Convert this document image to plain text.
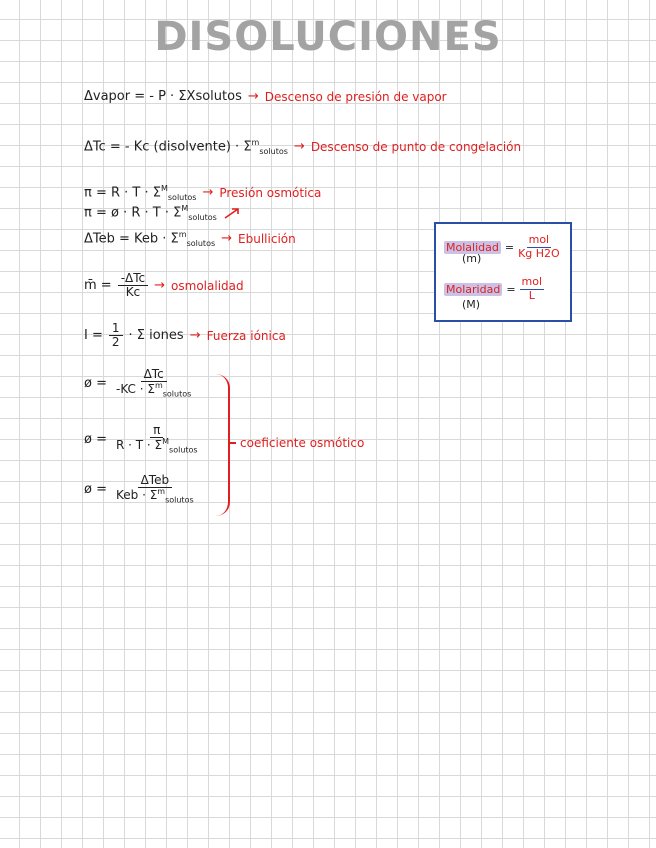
DISOLUCIONES
Δvapor = - P · ΣXsolutos → Descenso de presión de vapor
ΔTc = - Kc (disolvente) · $\Sigma^m_{solutos}$ → Descenso de punto de congelación
$\pi = R \cdot T \cdot \Sigma^M_{solutos}$ → Presión osmótica
π = ø · $R \cdot T \cdot \Sigma^M_{solutos}$
ΔTeb = Keb · $\Sigma^m_{solutos}$ → Ebullición
m̄ = $\frac{\text{-ΔTc}}{Kc}$ → osmolalidad
$I = \frac{1}{2} \cdot \Sigma$ iones → Fuerza iónica
ø = $\frac{\text{ΔTc}}{-KC \cdot \Sigma^m_{solutos}}$
ø = $\frac{\pi}{R \cdot T \cdot \Sigma^M_{solutos}}$
ø = $\frac{\text{ΔTeb}}{Keb \cdot \Sigma^m_{solutos}}$
coeficiente osmótico
Molalidad = $\frac{\text{mol}}{\text{Kg H2O}}$
(m)
Molaridad = $\frac{\text{mol}}{L}$
(M)
